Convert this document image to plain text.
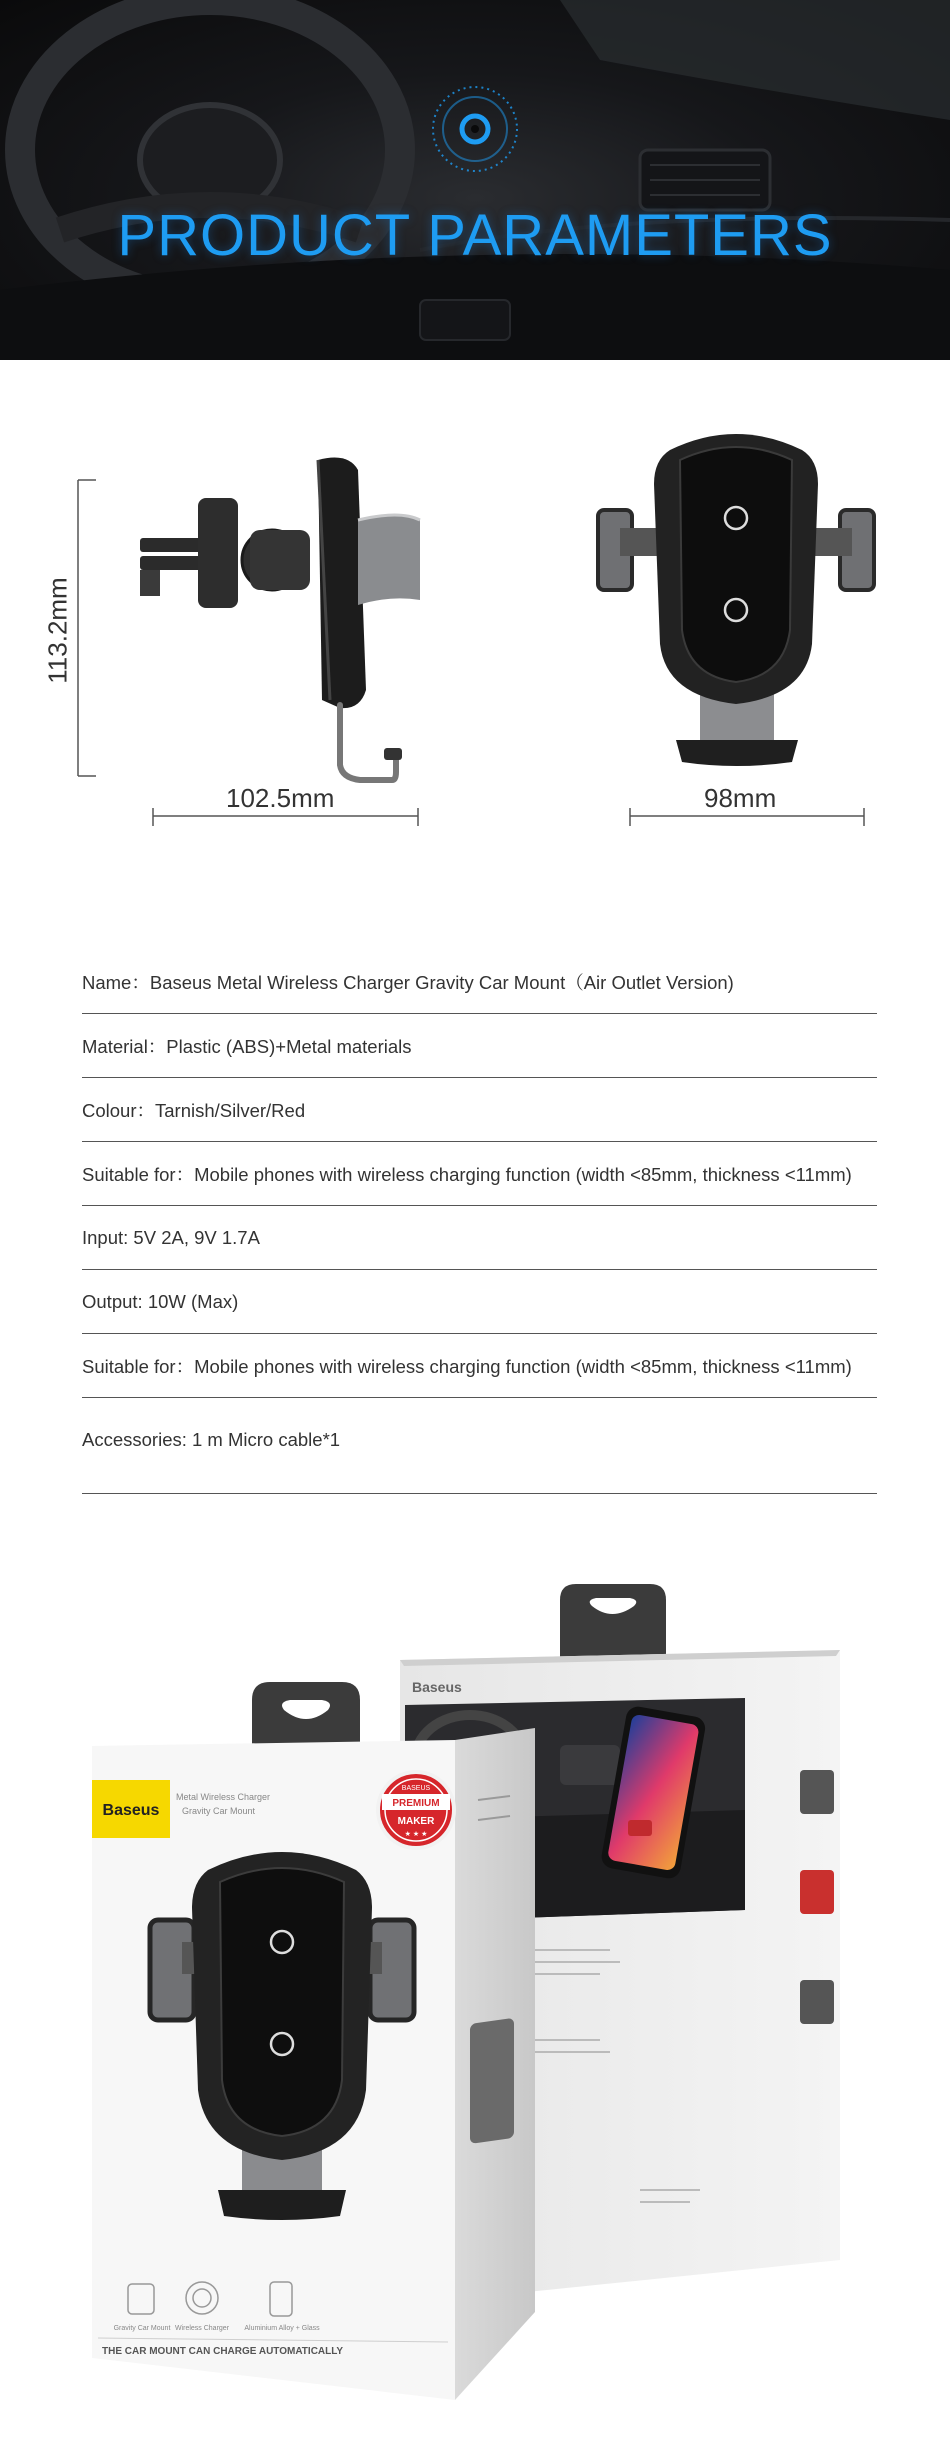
PRODUCT PARAMETERS
113.2mm
102.5mm	98mm
Name：Baseus Metal Wireless Charger Gravity Car Mount（Air Outlet Version)
Material：Plastic (ABS)+Metal materials
Colour：Tarnish/Silver/Red
Suitable for：Mobile phones with wireless charging function (width <85mm, thickness <11mm)
Input: 5V 2A, 9V 1.7A
Output: 10W (Max)
Suitable for：Mobile phones with wireless charging function (width <85mm, thickness <11mm)
Accessories: 1 m Micro cable*1
Baseus
Baseus
Metal Wireless Charger
Gravity Car Mount
BASEUS
PREMIUM
MAKER
★ ★ ★
Gravity Car Mount Wireless Charger Aluminium Alloy + Glass
THE CAR MOUNT CAN CHARGE AUTOMATICALLY
